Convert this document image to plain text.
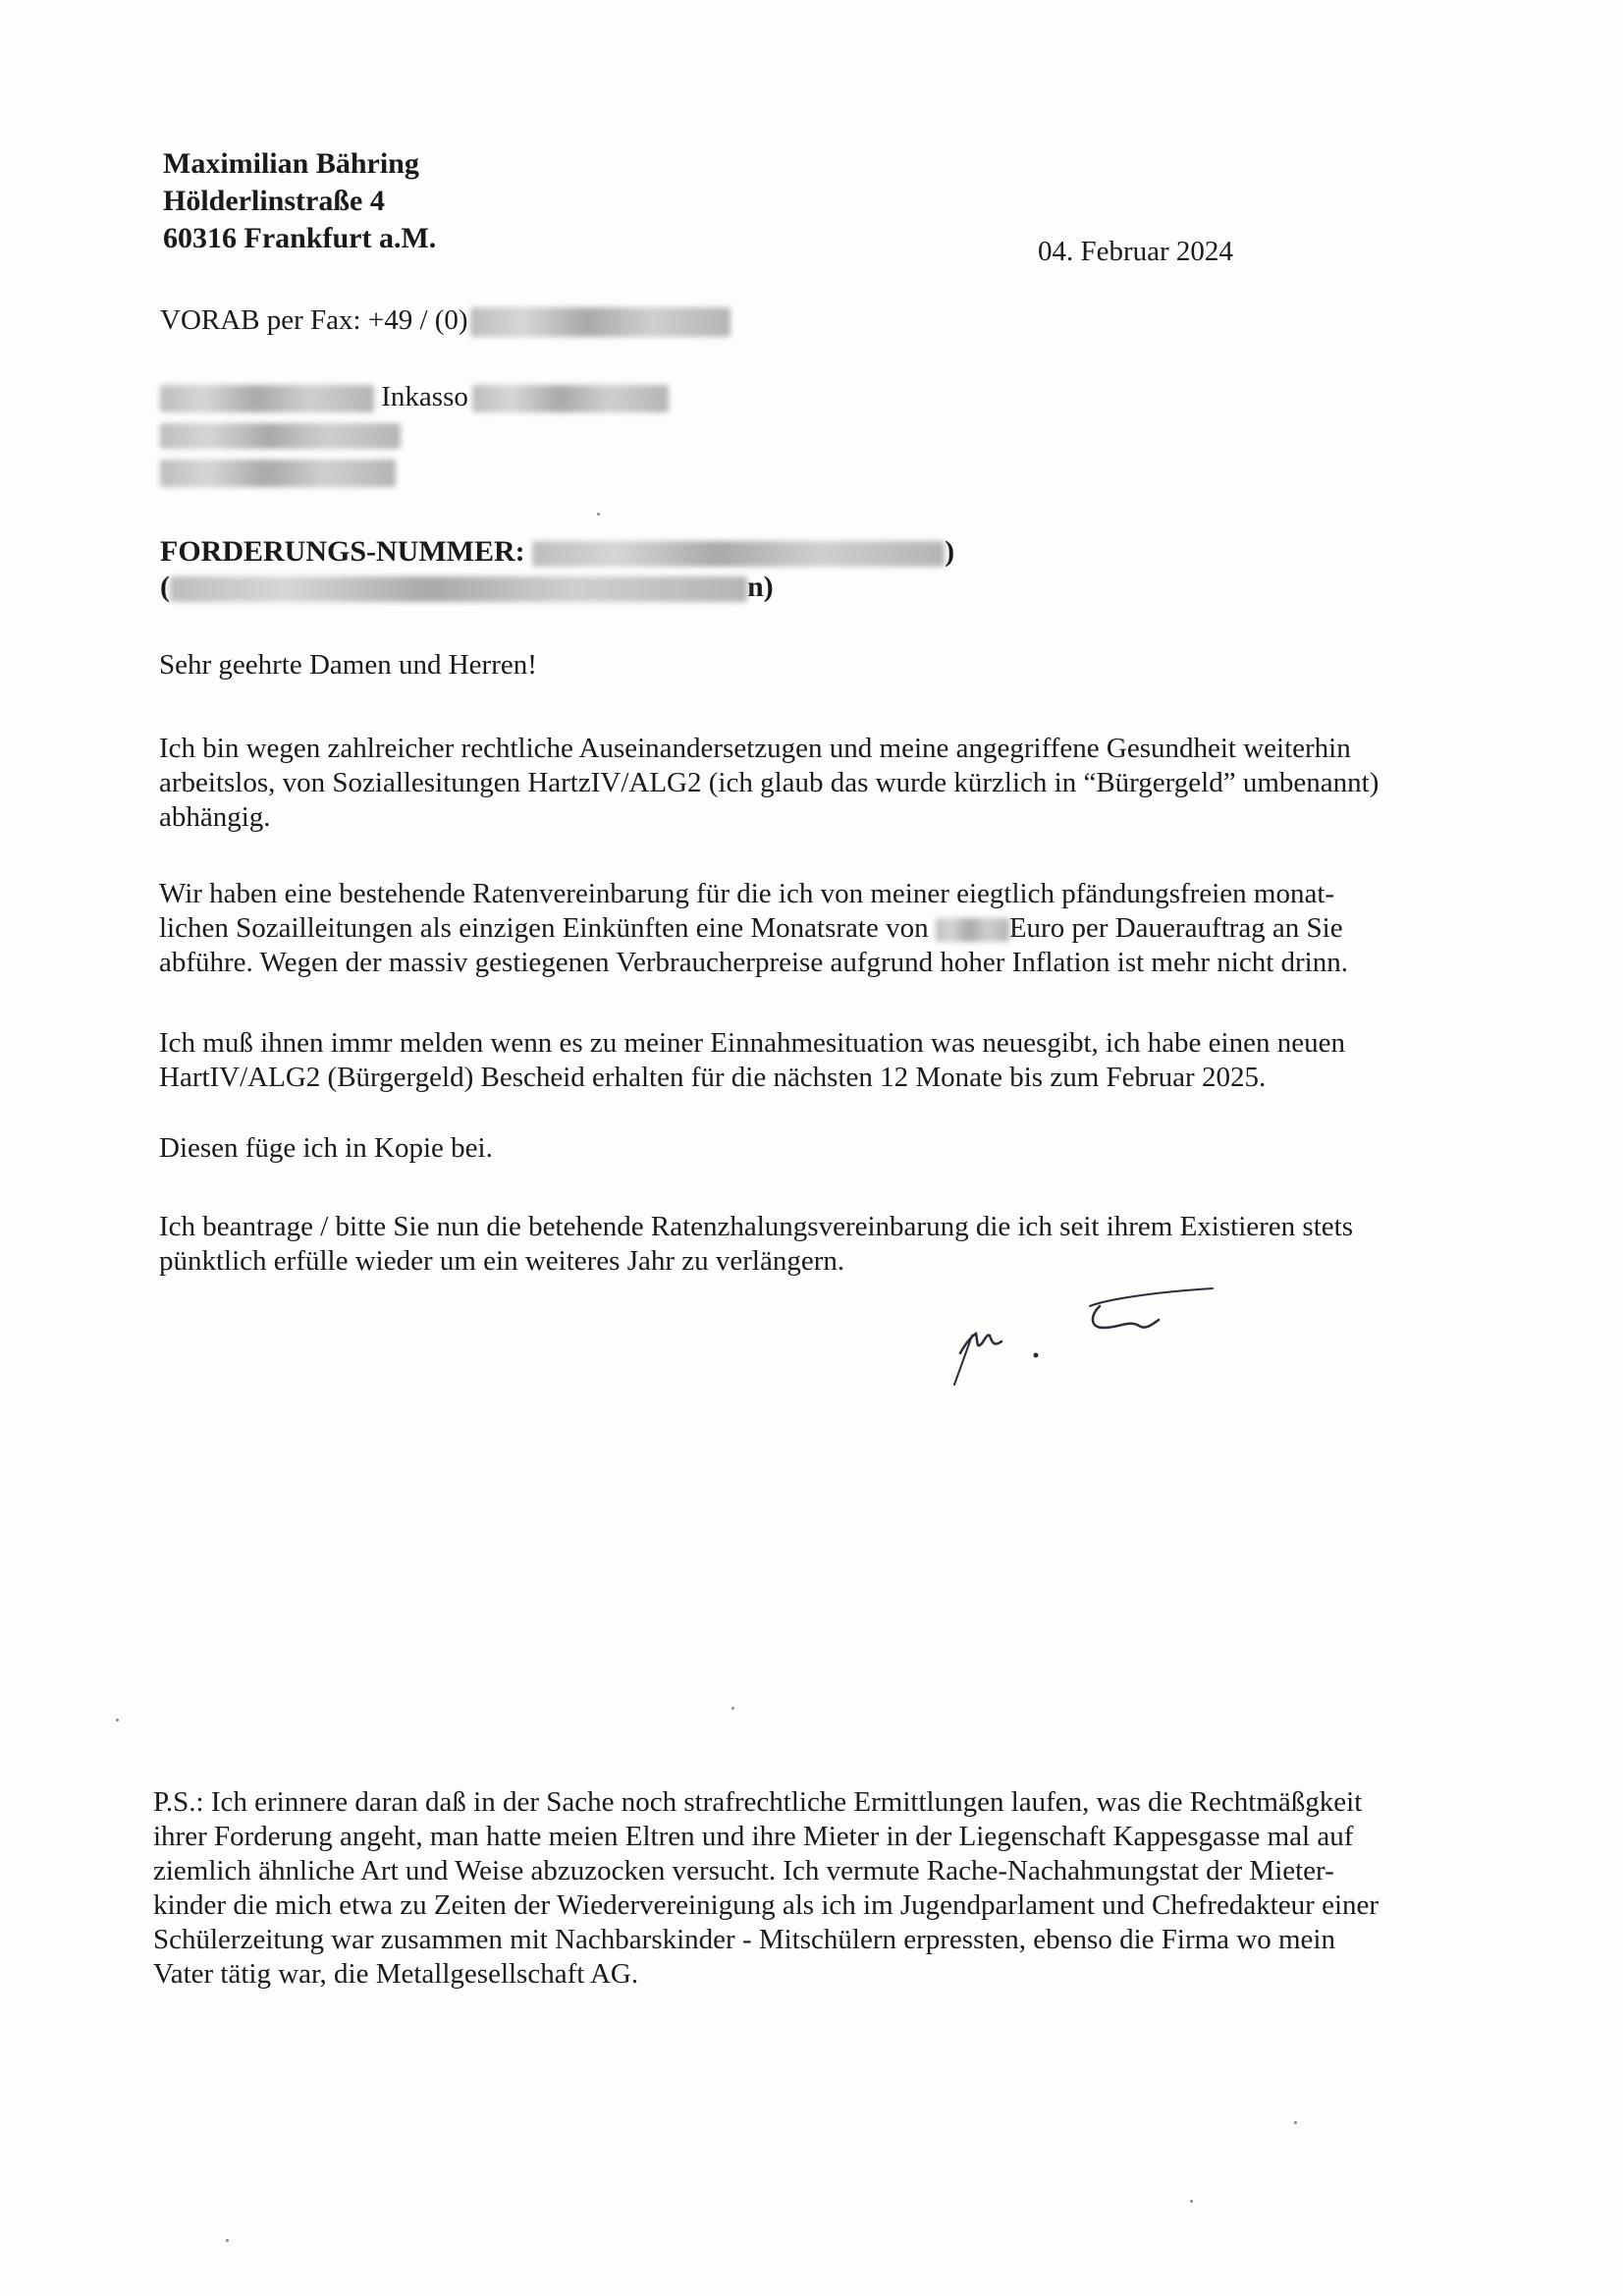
Maximilian Bähring
Hölderlinstraße 4
60316 Frankfurt a.M.	04. Februar 2024
VORAB per Fax: +49 / (0)
Inkasso
FORDERUNGS-NUMMER:	)
(	n)
Sehr geehrte Damen und Herren!
Ich bin wegen zahlreicher rechtliche Auseinandersetzugen und meine angegriffene Gesundheit weiterhin
arbeitslos, von Soziallesitungen HartzIV/ALG2 (ich glaub das wurde kürzlich in “Bürgergeld” umbenannt)
abhängig.
Wir haben eine bestehende Ratenvereinbarung für die ich von meiner eiegtlich pfändungsfreien monat-
lichen Sozailleitungen als einzigen Einkünften eine Monatsrate von	Euro per Dauerauftrag an Sie
abführe. Wegen der massiv gestiegenen Verbraucherpreise aufgrund hoher Inflation ist mehr nicht drinn.
Ich muß ihnen immr melden wenn es zu meiner Einnahmesituation was neuesgibt, ich habe einen neuen
HartIV/ALG2 (Bürgergeld) Bescheid erhalten für die nächsten 12 Monate bis zum Februar 2025.
Diesen füge ich in Kopie bei.
Ich beantrage / bitte Sie nun die betehende Ratenzhalungsvereinbarung die ich seit ihrem Existieren stets
pünktlich erfülle wieder um ein weiteres Jahr zu verlängern.
P.S.: Ich erinnere daran daß in der Sache noch strafrechtliche Ermittlungen laufen, was die Rechtmäßgkeit
ihrer Forderung angeht, man hatte meien Eltren und ihre Mieter in der Liegenschaft Kappesgasse mal auf
ziemlich ähnliche Art und Weise abzuzocken versucht. Ich vermute Rache-Nachahmungstat der Mieter-
kinder die mich etwa zu Zeiten der Wiedervereinigung als ich im Jugendparlament und Chefredakteur einer
Schülerzeitung war zusammen mit Nachbarskinder - Mitschülern erpressten, ebenso die Firma wo mein
Vater tätig war, die Metallgesellschaft AG.
